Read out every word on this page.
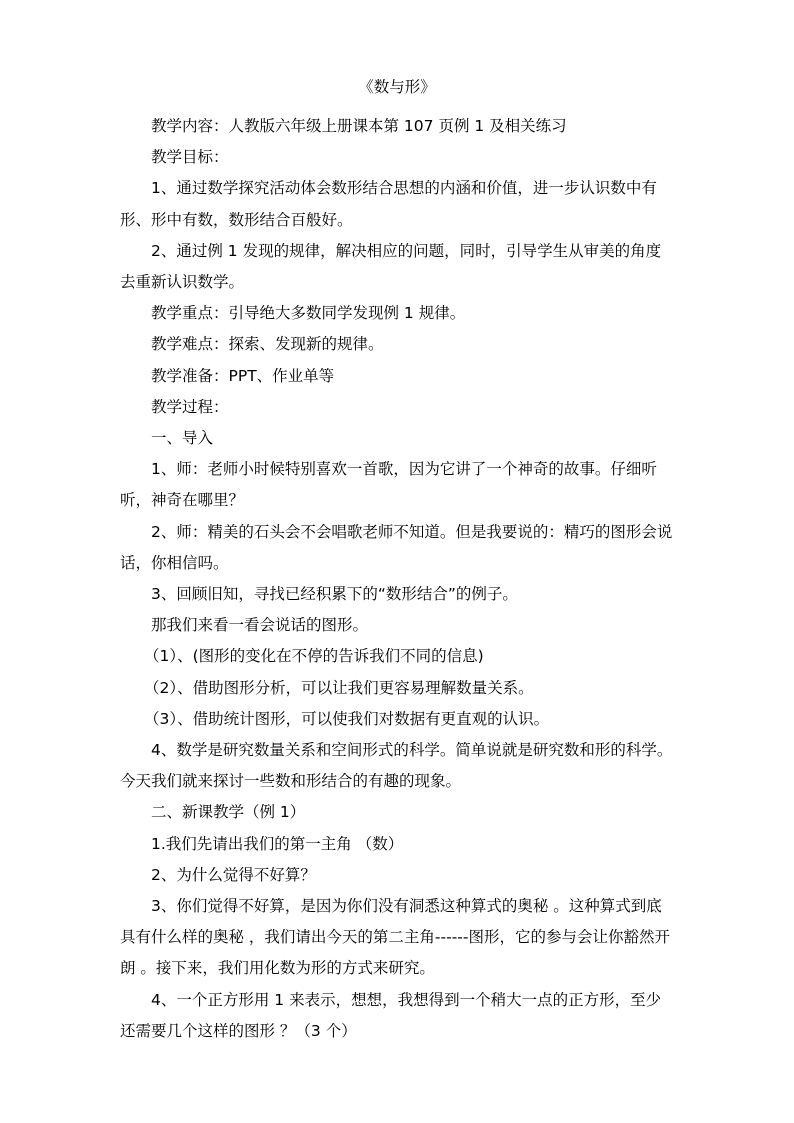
《数与形》

教学内容：人教版六年级上册课本第 107 页例 1 及相关练习

教学目标：

1、通过数学探究活动体会数形结合思想的内涵和价值，进一步认识数中有形、形中有数，数形结合百般好。

2、通过例 1 发现的规律，解决相应的问题，同时，引导学生从审美的角度去重新认识数学。

教学重点：引导绝大多数同学发现例 1 规律。

教学难点：探索、发现新的规律。

教学准备：PPT、作业单等

教学过程：

一、导入

1、师：老师小时候特别喜欢一首歌，因为它讲了一个神奇的故事。仔细听听，神奇在哪里？

2、师：精美的石头会不会唱歌老师不知道。但是我要说的：精巧的图形会说话，你相信吗。

3、回顾旧知，寻找已经积累下的“数形结合”的例子。

那我们来看一看会说话的图形。

（1）、(图形的变化在不停的告诉我们不同的信息)

（2）、借助图形分析，可以让我们更容易理解数量关系。

（3）、借助统计图形，可以使我们对数据有更直观的认识。

4、数学是研究数量关系和空间形式的科学。简单说就是研究数和形的科学。今天我们就来探讨一些数和形结合的有趣的现象。

二、新课教学（例 1）

1.我们先请出我们的第一主角 （数）

2、为什么觉得不好算？

3、你们觉得不好算，是因为你们没有洞悉这种算式的奥秘 。这种算式到底具有什么样的奥秘 ，我们请出今天的第二主角------图形，它的参与会让你豁然开朗 。接下来，我们用化数为形的方式来研究。

4、一个正方形用 1 来表示，想想，我想得到一个稍大一点的正方形，至少还需要几个这样的图形 ？（3 个）
